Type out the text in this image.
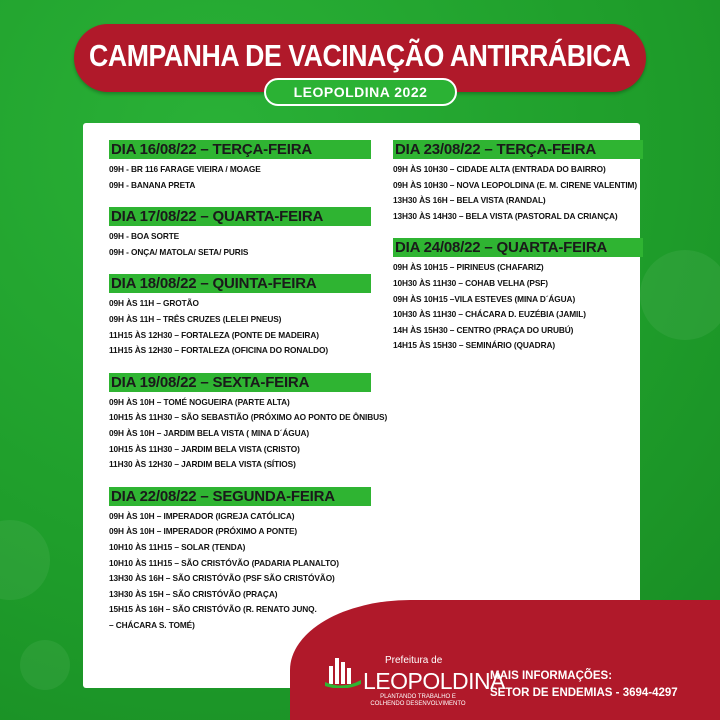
CAMPANHA DE VACINAÇÃO ANTIRRÁBICA
LEOPOLDINA 2022
DIA 16/08/22 – TERÇA-FEIRA
09H - BR 116 FARAGE VIEIRA / MOAGE
09H - BANANA PRETA
DIA 17/08/22 – QUARTA-FEIRA
09H - BOA SORTE
09H - ONÇA/ MATOLA/ SETA/ PURIS
DIA 18/08/22 – QUINTA-FEIRA
09H ÀS 11H – GROTÃO
09H ÀS 11H – TRÊS CRUZES (LELEI PNEUS)
11H15 ÀS 12H30 – FORTALEZA (PONTE DE MADEIRA)
11H15 ÀS 12H30 – FORTALEZA (OFICINA DO RONALDO)
DIA 19/08/22 – SEXTA-FEIRA
09H ÀS 10H – TOMÉ NOGUEIRA (PARTE ALTA)
10H15 ÀS 11H30 – SÃO SEBASTIÃO (PRÓXIMO AO PONTO DE ÔNIBUS)
09H ÀS 10H – JARDIM BELA VISTA ( MINA D´ÁGUA)
10H15 ÀS 11H30 – JARDIM BELA VISTA (CRISTO)
11H30 ÀS 12H30 – JARDIM BELA VISTA (SÍTIOS)
DIA 22/08/22 – SEGUNDA-FEIRA
09H ÀS 10H – IMPERADOR (IGREJA CATÓLICA)
09H ÀS 10H – IMPERADOR (PRÓXIMO A PONTE)
10H10 ÀS 11H15 – SOLAR (TENDA)
10H10 ÀS 11H15 – SÃO CRISTÓVÃO (PADARIA PLANALTO)
13H30 ÀS 16H – SÃO CRISTÓVÃO (PSF SÃO CRISTÓVÃO)
13H30 ÀS 15H – SÃO CRISTÓVÃO (PRAÇA)
15H15 ÀS 16H – SÃO CRISTÓVÃO (R. RENATO JUNQ.
– CHÁCARA S. TOMÉ)
DIA 23/08/22 – TERÇA-FEIRA
09H ÀS 10H30 – CIDADE ALTA (ENTRADA DO BAIRRO)
09H ÀS 10H30 – NOVA LEOPOLDINA (E. M. CIRENE VALENTIM)
13H30 ÀS 16H – BELA VISTA (RANDAL)
13H30 ÀS 14H30 – BELA VISTA (PASTORAL DA CRIANÇA)
DIA 24/08/22 – QUARTA-FEIRA
09H ÀS 10H15 – PIRINEUS (CHAFARIZ)
10H30 ÀS 11H30 – COHAB VELHA (PSF)
09H ÀS 10H15 –VILA ESTEVES (MINA D´ÁGUA)
10H30 ÀS 11H30 – CHÁCARA D. EUZÉBIA (JAMIL)
14H ÀS 15H30 – CENTRO (PRAÇA DO URUBÚ)
14H15 ÀS 15H30 – SEMINÁRIO (QUADRA)
Prefeitura de
LEOPOLDINA
PLANTANDO TRABALHO E COLHENDO DESENVOLVIMENTO
MAIS INFORMAÇÕES:
SETOR DE ENDEMIAS - 3694-4297
